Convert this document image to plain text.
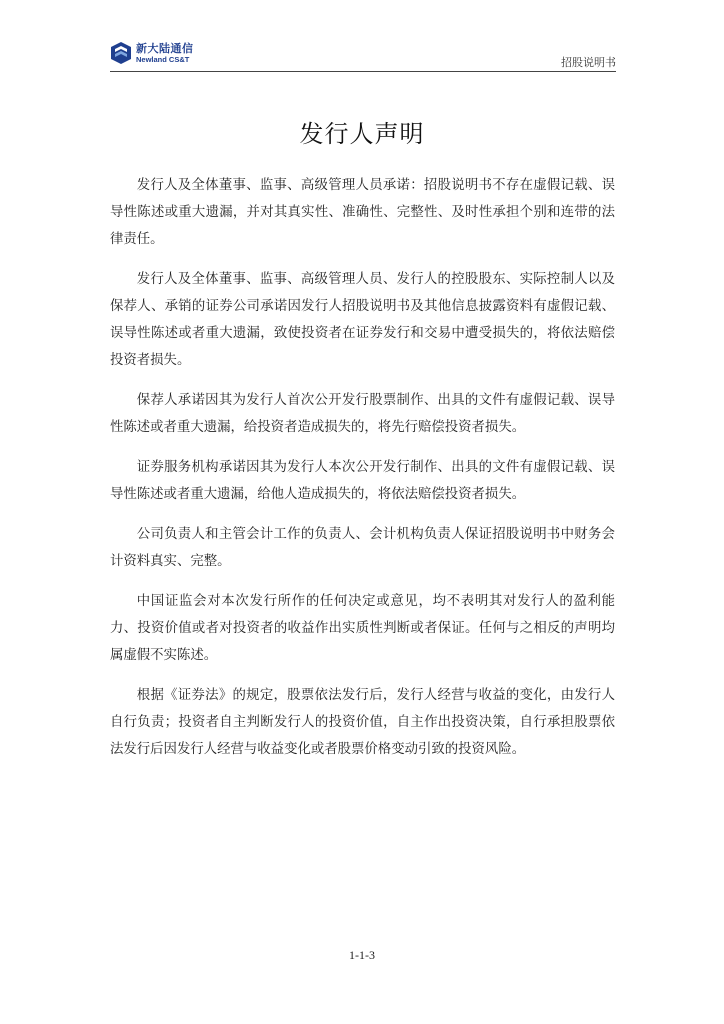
新大陆通信
Newland CS&T	招股说明书
发行人声明

发行人及全体董事、监事、高级管理人员承诺：招股说明书不存在虚假记载、误导性陈述或重大遗漏，并对其真实性、准确性、完整性、及时性承担个别和连带的法律责任。

发行人及全体董事、监事、高级管理人员、发行人的控股股东、实际控制人以及保荐人、承销的证券公司承诺因发行人招股说明书及其他信息披露资料有虚假记载、误导性陈述或者重大遗漏，致使投资者在证券发行和交易中遭受损失的，将依法赔偿投资者损失。

保荐人承诺因其为发行人首次公开发行股票制作、出具的文件有虚假记载、误导性陈述或者重大遗漏，给投资者造成损失的，将先行赔偿投资者损失。

证券服务机构承诺因其为发行人本次公开发行制作、出具的文件有虚假记载、误导性陈述或者重大遗漏，给他人造成损失的，将依法赔偿投资者损失。

公司负责人和主管会计工作的负责人、会计机构负责人保证招股说明书中财务会计资料真实、完整。

中国证监会对本次发行所作的任何决定或意见，均不表明其对发行人的盈利能力、投资价值或者对投资者的收益作出实质性判断或者保证。任何与之相反的声明均属虚假不实陈述。

根据《证券法》的规定，股票依法发行后，发行人经营与收益的变化，由发行人自行负责；投资者自主判断发行人的投资价值，自主作出投资决策，自行承担股票依法发行后因发行人经营与收益变化或者股票价格变动引致的投资风险。

1-1-3
